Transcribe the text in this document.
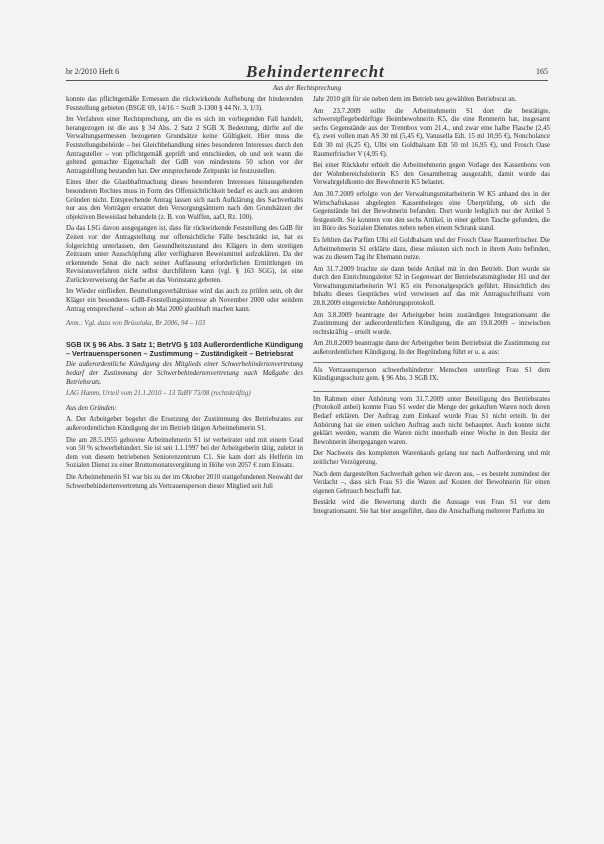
br 2/2010 Heft 6	Behindertenrecht	165
Aus der Rechtsprechung

konnte das pflichtgemäße Ermessen die rückwirkende Aufhebung der hinderenden Feststellung gebieten (BSGE 69, 14/16 = SozR 3-1300 § 44 Nr. 3, 1/3).

Im Verfahren einer Rechtsprechung, um die es sich im vorliegenden Fall handelt, herangezogen ist die aus § 34 Abs. 2 Satz 2 SGB X Bedeutung, dürfte auf die Verwaltungsermessen bezogenen Grundsätze keine Gültigkeit. Hier muss die Feststellungsbehörde – bei Gleichbehandlung eines besonderen Interesses durch den Antragsteller – von pflichtgemäß geprüft und entschieden, ob und seit wann die geltend gemachte Eigenschaft der GdB von mindestens 50 schon vor der Antragstellung bestanden hat. Der entsprechende Zeitpunkt ist festzustellen.

Eines über die Glaubhaftmachung dieses besonderen Interesses hinausgehenden besonderen Rechtes muss in Form des Offensichtlichkeit bedarf es auch aus anderen Gründen nicht. Entsprechende Antrag lassen sich nach Aufklärung des Sachverhalts nur aus den Vorträgen erstattet den Versorgungsämtern nach den Grundsätzen der objektiven Beweislast behandeln (z. B. von Wulffen, aaO, Rz. 100).

Da das LSG davon ausgegangen ist, dass für rückwirkende Feststellung des GdB für Zeiten vor der Antragstellung nur offensichtliche Fälle beschränkt ist, hat es folgerichtig unterlassen, den Gesundheitszustand des Klägers in dem streitigen Zeitraum unter Ausschöpfung aller verfügbaren Beweismittel aufzuklären. Da der erkennende Senat die nach seiner Auffassung erforderlichen Ermittlungen im Revisionsverfahren nicht selbst durchführen kann (vgl. § 163 SGG), ist eine Zurückverweisung der Sache an das Vorinstanz geboten.

Im Wieder einfließen. Beurteilungsverhältnisse wird das auch zu prüfen sein, ob der Kläger ein besonderes GdB-Feststellungsinteresse ab November 2000 oder seitdem Antrag entsprechend – schon ab Mai 2000 glaubhaft machen kann.

Anm.: Vgl. dazu von Brüselaka, Br 2006, 94 – 103

SGB IX § 96 Abs. 3 Satz 1; BetrVG § 103 Außerordentliche Kündigung – Vertrauenspersonen – Zustimmung – Zuständigkeit – Betriebsrat

Die außerordentliche Kündigung des Mitglieds einer Schwerbehindertenvertretung bedarf der Zustimmung der Schwerbehindertenvertretung nach Maßgabe des Betriebsrats.

LAG Hamm, Urteil vom 21.1.2010 – 13 TaBV 75/08 (rechtskräftig)

Aus den Gründen:

A. Der Arbeitgeber begehrt die Ersetzung der Zustimmung des Betriebsrates zur außerordentlichen Kündigung der im Betrieb tätigen Arbeitnehmerin S1.

Die am 28.5.1955 geborene Arbeitnehmerin S1 ist verheiratet und mit einem Grad von 50 % schwerbehindert. Sie ist seit 1.1.1997 bei der Arbeitgeberin tätig, zuletzt in dem von diesem betriebenen Seniorenzentrum C1. Sie kam dort als Helferin im Sozialen Dienst zu einer Bruttomonatsvergütung in Höhe von 2057 € zum Einsatz.

Die Arbeitnehmerin S1 war bis zu der im Oktober 2010 stattgefundenen Neuwahl der Schwerbehindertenvertretung als Vertrauensperson dieser Mitglied seit Juli

Jahr 2010 gilt für sie neben dem im Betrieb neu gewählten Betriebsrat an.

Am 23.7.2009 sollte die Arbeitnehmerin S1 dort die bestätigte, schwerstpflegebedürftige Heimbewohnerin K5, die eine Rentnerin hat, insgesamt sechs Gegenstände aus der Trennbox vom 21.4., und zwar eine halbe Flasche (2,45 €), zwei vollen man AS 30 ml (5,45 €), Vanusella Edt. 15 ml 10,95 €), Noncholance Edt 30 ml (6,25 €), Ulbi ein Goldbalsam Edt 50 ml 16,95 €), und Frosch Oase Raumerfrischer V (4,95 €).

Bei einer Rückkehr erhielt die Arbeitnehmerin gegen Vorlage des Kassenbons von der Wohnbereichsleiterin K5 den Gesamtbetrag ausgezahlt, damit wurde das Verwahrgeldkonto der Bewohnerin K5 belastet.

Am 30.7.2009 erfolgte von der Verwaltungsmitarbeiterin W K5 anhand des in der Wirtschaftskasse abgelegten Kassenbeleges eine Überprüfung, ob sich die Gegenstände bei der Bewohnerin befanden. Dort wurde lediglich nur der Artikel 5 festgestellt. Sie konnten von den sechs Artikel, in einer gelben Tasche gefunden, die im Büro des Sozialen Dienstes neben neben einem Schrank stand.

Es fehlten das Parfüm Ulbi eil Goldbalsam und der Frosch Oase Raumerfrischer. Die Arbeitnehmerin S1 erklärte dazu, diese müssten sich noch in ihrem Auto befinden, was zu diesem Tag ihr Ehemann nutze.

Am 31.7.2009 brachte sie dann beide Artikel mit in den Betrieb. Dort wurde sie durch den Einrichtungsleiter S2 in Gegenwart der Betriebsratsmitglieder H1 und der Verwaltungsmitarbeiterin W1 K5 ein Personalgespräch geführt. Hinsichtlich des Inhalts dieses Gespräches wird verwiesen auf das mit Antragsschriftsatz vom 28.8.2009 eingereichte Anhörungsprotokoll.

Am 3.8.2009 beantragte der Arbeitgeber beim zuständigen Integrationsamt die Zustimmung der außerordentlichen Kündigung, die am 19.8.2009 – inzwischen rechtskräftig – erteilt wurde.

Am 20.8.2009 beantragte dann der Arbeitgeber beim Betriebsrat die Zustimmung zur außerordentlichen Kündigung. In der Begründung führt er u. a. aus:

Als Vertrauensperson schwerbehinderter Menschen unterliegt Frau S1 dem Kündigungsschutz gem. § 96 Abs. 3 SGB IX.

Im Rahmen einer Anhörung vom 31.7.2009 unter Beteiligung des Betriebsrates (Protokoll anbei) konnte Frau S1 weder die Menge der gekauften Waren noch deren Bedarf erklären. Der Auftrag zum Einkauf wurde Frau S1 nicht erteilt. In der Anhörung hat sie einen solchen Auftrag auch nicht behauptet. Auch konnte nicht geklärt werden, warum die Waren nicht innerhalb einer Woche in den Besitz der Bewohnerin übergegangen waren.

Der Nachweis des kompletten Warenkaufs gelang nur nach Aufforderung und mit zeitlicher Verzögerung.

Nach dem dargestellten Sachverhalt gehen wir davon aus, – es besteht zumindest der Verdacht –, dass sich Frau S1 die Waren auf Kosten der Bewohnerin für einen eigenen Gebrauch beschafft hat.

Bestärkt wird die Bewertung durch die Aussage von Frau S1 vor dem Integrationsamt. Sie hat hier ausgeführt, dass die Anschaffung mehrerer Parfums im
